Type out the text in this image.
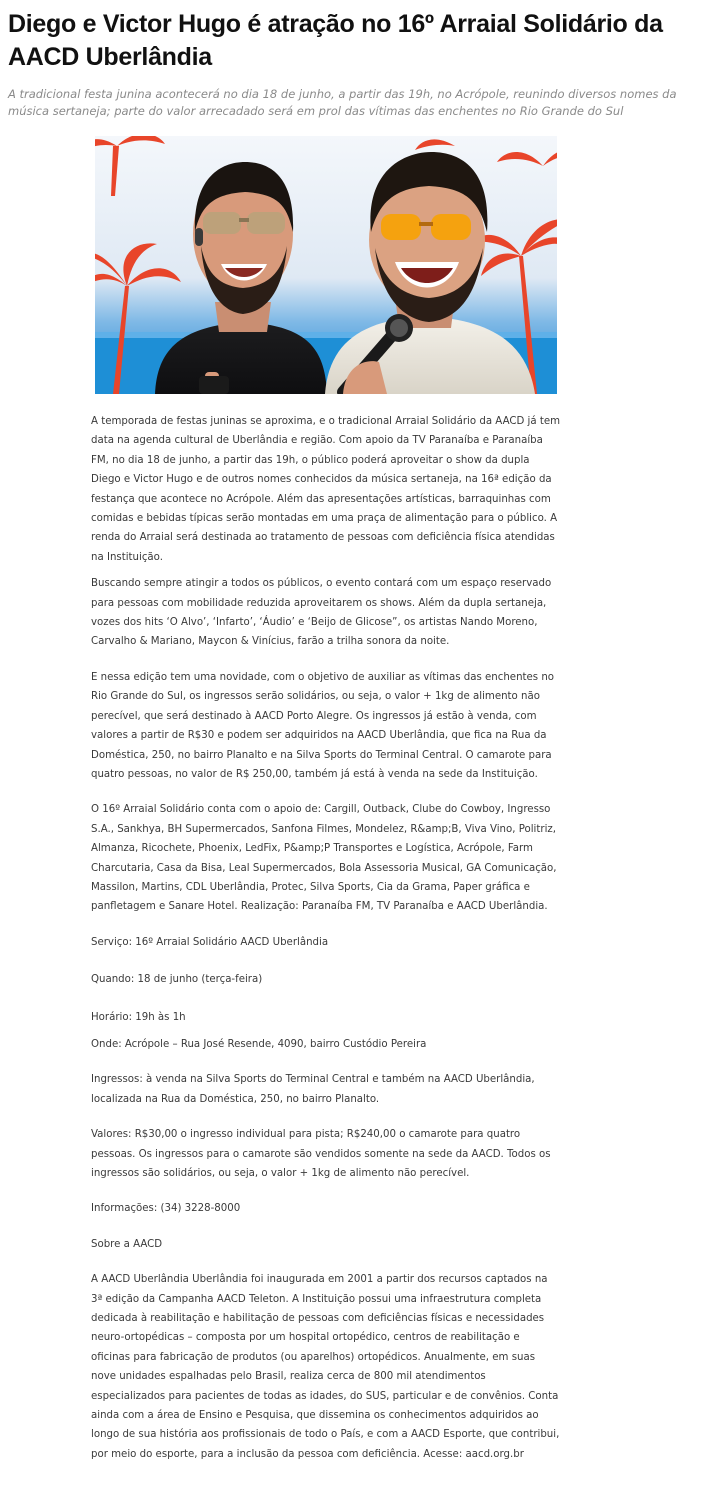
Diego e Victor Hugo é atração no 16º Arraial Solidário da AACD Uberlândia

A tradicional festa junina acontecerá no dia 18 de junho, a partir das 19h, no Acrópole, reunindo diversos nomes da música sertaneja; parte do valor arrecadado será em prol das vítimas das enchentes no Rio Grande do Sul

A temporada de festas juninas se aproxima, e o tradicional Arraial Solidário da AACD já tem data na agenda cultural de Uberlândia e região. Com apoio da TV Paranaíba e Paranaíba FM, no dia 18 de junho, a partir das 19h, o público poderá aproveitar o show da dupla Diego e Victor Hugo e de outros nomes conhecidos da música sertaneja, na 16ª edição da festança que acontece no Acrópole. Além das apresentações artísticas, barraquinhas com comidas e bebidas típicas serão montadas em uma praça de alimentação para o público. A renda do Arraial será destinada ao tratamento de pessoas com deficiência física atendidas na Instituição.

Buscando sempre atingir a todos os públicos, o evento contará com um espaço reservado para pessoas com mobilidade reduzida aproveitarem os shows. Além da dupla sertaneja, vozes dos hits ‘O Alvo’, ‘Infarto’, ‘Áudio’ e ‘Beijo de Glicose”, os artistas Nando Moreno, Carvalho & Mariano, Maycon & Vinícius, farão a trilha sonora da noite.

E nessa edição tem uma novidade, com o objetivo de auxiliar as vítimas das enchentes no Rio Grande do Sul, os ingressos serão solidários, ou seja, o valor + 1kg de alimento não perecível, que será destinado à AACD Porto Alegre. Os ingressos já estão à venda, com valores a partir de R$30 e podem ser adquiridos na AACD Uberlândia, que fica na Rua da Doméstica, 250, no bairro Planalto e na Silva Sports do Terminal Central. O camarote para quatro pessoas, no valor de R$ 250,00, também já está à venda na sede da Instituição.

O 16º Arraial Solidário conta com o apoio de: Cargill, Outback, Clube do Cowboy, Ingresso S.A., Sankhya, BH Supermercados, Sanfona Filmes, Mondelez, R&amp;B, Viva Vino, Politriz, Almanza, Ricochete, Phoenix, LedFix, P&amp;P Transportes e Logística, Acrópole, Farm Charcutaria, Casa da Bisa, Leal Supermercados, Bola Assessoria Musical, GA Comunicação, Massilon, Martins, CDL Uberlândia, Protec, Silva Sports, Cia da Grama, Paper gráfica e panfletagem e Sanare Hotel. Realização: Paranaíba FM, TV Paranaíba e AACD Uberlândia.

Serviço: 16º Arraial Solidário AACD Uberlândia

Quando: 18 de junho (terça-feira)

Horário: 19h às 1h

Onde: Acrópole – Rua José Resende, 4090, bairro Custódio Pereira

Ingressos: à venda na Silva Sports do Terminal Central e também na AACD Uberlândia, localizada na Rua da Doméstica, 250, no bairro Planalto.

Valores: R$30,00 o ingresso individual para pista; R$240,00 o camarote para quatro pessoas. Os ingressos para o camarote são vendidos somente na sede da AACD. Todos os ingressos são solidários, ou seja, o valor + 1kg de alimento não perecível.

Informações: (34) 3228-8000

Sobre a AACD

A AACD Uberlândia Uberlândia foi inaugurada em 2001 a partir dos recursos captados na 3ª edição da Campanha AACD Teleton. A Instituição possui uma infraestrutura completa dedicada à reabilitação e habilitação de pessoas com deficiências físicas e necessidades neuro-ortopédicas – composta por um hospital ortopédico, centros de reabilitação e oficinas para fabricação de produtos (ou aparelhos) ortopédicos. Anualmente, em suas nove unidades espalhadas pelo Brasil, realiza cerca de 800 mil atendimentos especializados para pacientes de todas as idades, do SUS, particular e de convênios. Conta ainda com a área de Ensino e Pesquisa, que dissemina os conhecimentos adquiridos ao longo de sua história aos profissionais de todo o País, e com a AACD Esporte, que contribui, por meio do esporte, para a inclusão da pessoa com deficiência. Acesse: aacd.org.br
